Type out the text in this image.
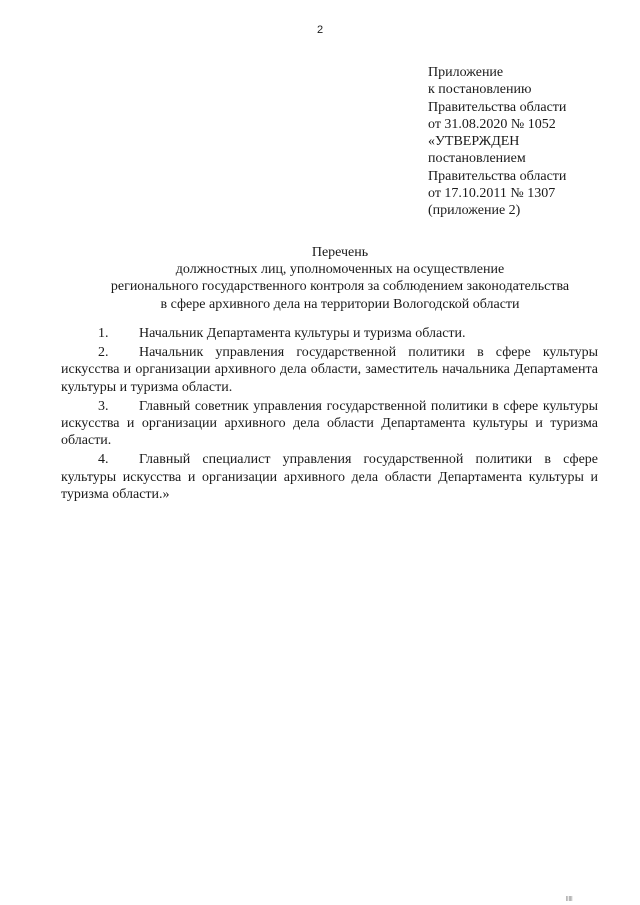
2
Приложение
к постановлению
Правительства области
от 31.08.2020 № 1052
«УТВЕРЖДЕН
постановлением
Правительства области
от 17.10.2011 № 1307
(приложение 2)
Перечень
должностных лиц, уполномоченных на осуществление
регионального государственного контроля за соблюдением законодательства
в сфере архивного дела на территории Вологодской области

1. Начальник Департамента культуры и туризма области.

2. Начальник управления государственной политики в сфере культуры искусства и организации архивного дела области, заместитель начальника Департамента культуры и туризма области.

3. Главный советник управления государственной политики в сфере культуры искусства и организации архивного дела области Департамента культуры и туризма области.

4. Главный специалист управления государственной политики в сфере культуры искусства и организации архивного дела области Департамента культуры и туризма области.»

|||||
